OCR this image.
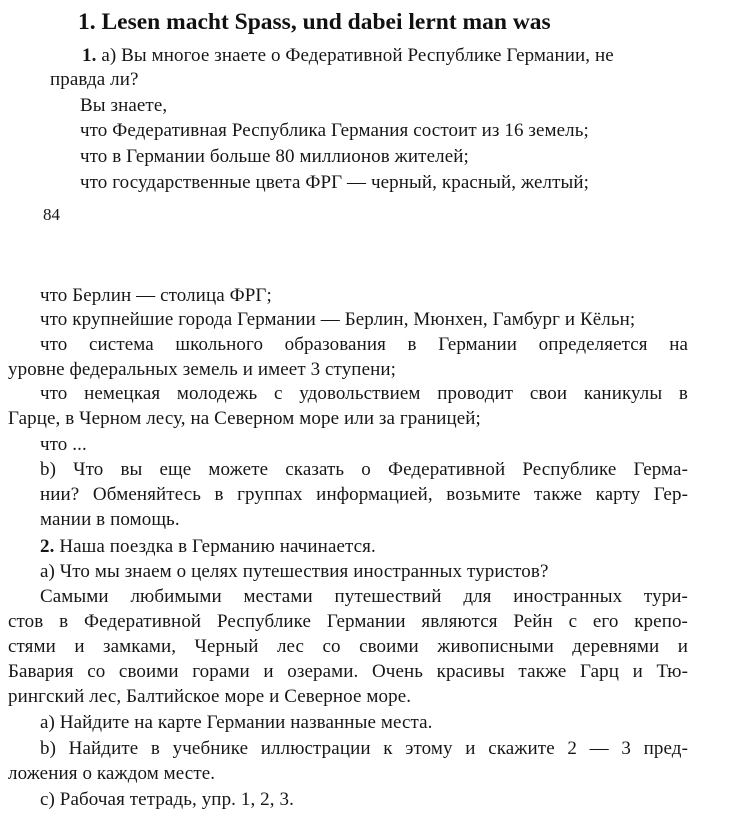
1. Lesen macht Spass, und dabei lernt man was
1. a) Вы многое знаете о Федеративной Республике Германии, не
правда ли?
Вы знаете,
что Федеративная Республика Германия состоит из 16 земель;
что в Германии больше 80 миллионов жителей;
что государственные цвета ФРГ — черный, красный, желтый;
84
что Берлин — столица ФРГ;
что крупнейшие города Германии — Берлин, Мюнхен, Гамбург и Кёльн;
что система школьного образования в Германии определяется на
уровне федеральных земель и имеет 3 ступени;
что немецкая молодежь с удовольствием проводит свои каникулы в
Гарце, в Черном лесу, на Северном море или за границей;
что ...
b) Что вы еще можете сказать о Федеративной Республике Герма-
нии? Обменяйтесь в группах информацией, возьмите также карту Гер-
мании в помощь.
2. Наша поездка в Германию начинается.
a) Что мы знаем о целях путешествия иностранных туристов?
Самыми любимыми местами путешествий для иностранных тури-
стов в Федеративной Республике Германии являются Рейн с его крепо-
стями и замками, Черный лес со своими живописными деревнями и
Бавария со своими горами и озерами. Очень красивы также Гарц и Тю-
рингский лес, Балтийское море и Северное море.
a) Найдите на карте Германии названные места.
b) Найдите в учебнике иллюстрации к этому и скажите 2 — 3 пред-
ложения о каждом месте.
c) Рабочая тетрадь, упр. 1, 2, 3.
